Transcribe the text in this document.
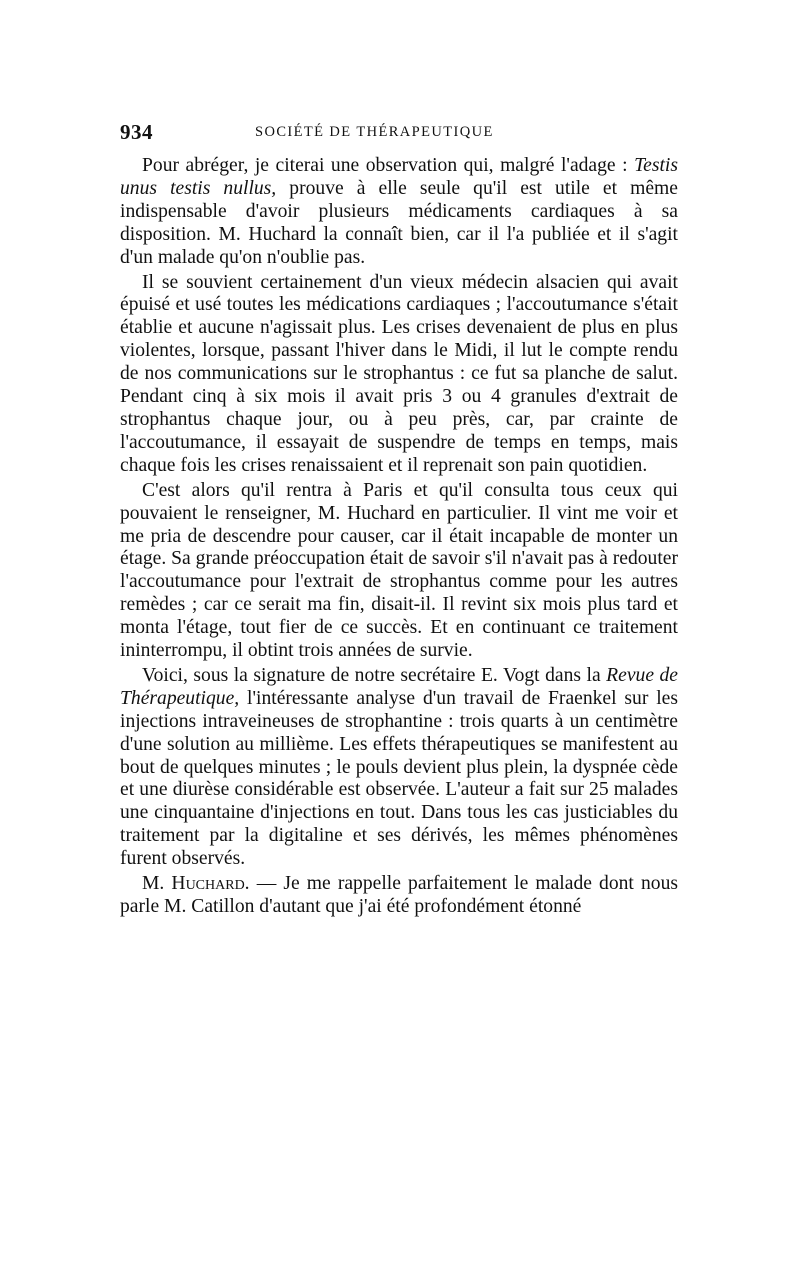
934	SOCIÉTÉ DE THÉRAPEUTIQUE

Pour abréger, je citerai une observation qui, malgré l'adage : Testis unus testis nullus, prouve à elle seule qu'il est utile et même indispensable d'avoir plusieurs médicaments cardiaques à sa disposition. M. Huchard la connaît bien, car il l'a publiée et il s'agit d'un malade qu'on n'oublie pas.

Il se souvient certainement d'un vieux médecin alsacien qui avait épuisé et usé toutes les médications cardiaques ; l'accoutumance s'était établie et aucune n'agissait plus. Les crises devenaient de plus en plus violentes, lorsque, passant l'hiver dans le Midi, il lut le compte rendu de nos communications sur le strophantus : ce fut sa planche de salut. Pendant cinq à six mois il avait pris 3 ou 4 granules d'extrait de strophantus chaque jour, ou à peu près, car, par crainte de l'accoutumance, il essayait de suspendre de temps en temps, mais chaque fois les crises renaissaient et il reprenait son pain quotidien.

C'est alors qu'il rentra à Paris et qu'il consulta tous ceux qui pouvaient le renseigner, M. Huchard en particulier. Il vint me voir et me pria de descendre pour causer, car il était incapable de monter un étage. Sa grande préoccupation était de savoir s'il n'avait pas à redouter l'accoutumance pour l'extrait de strophantus comme pour les autres remèdes ; car ce serait ma fin, disait-il. Il revint six mois plus tard et monta l'étage, tout fier de ce succès. Et en continuant ce traitement ininterrompu, il obtint trois années de survie.

Voici, sous la signature de notre secrétaire E. Vogt dans la Revue de Thérapeutique, l'intéressante analyse d'un travail de Fraenkel sur les injections intraveineuses de strophantine : trois quarts à un centimètre d'une solution au millième. Les effets thérapeutiques se manifestent au bout de quelques minutes ; le pouls devient plus plein, la dyspnée cède et une diurèse considérable est observée. L'auteur a fait sur 25 malades une cinquantaine d'injections en tout. Dans tous les cas justiciables du traitement par la digitaline et ses dérivés, les mêmes phénomènes furent observés.

M. Huchard. — Je me rappelle parfaitement le malade dont nous parle M. Catillon d'autant que j'ai été profondément étonné
